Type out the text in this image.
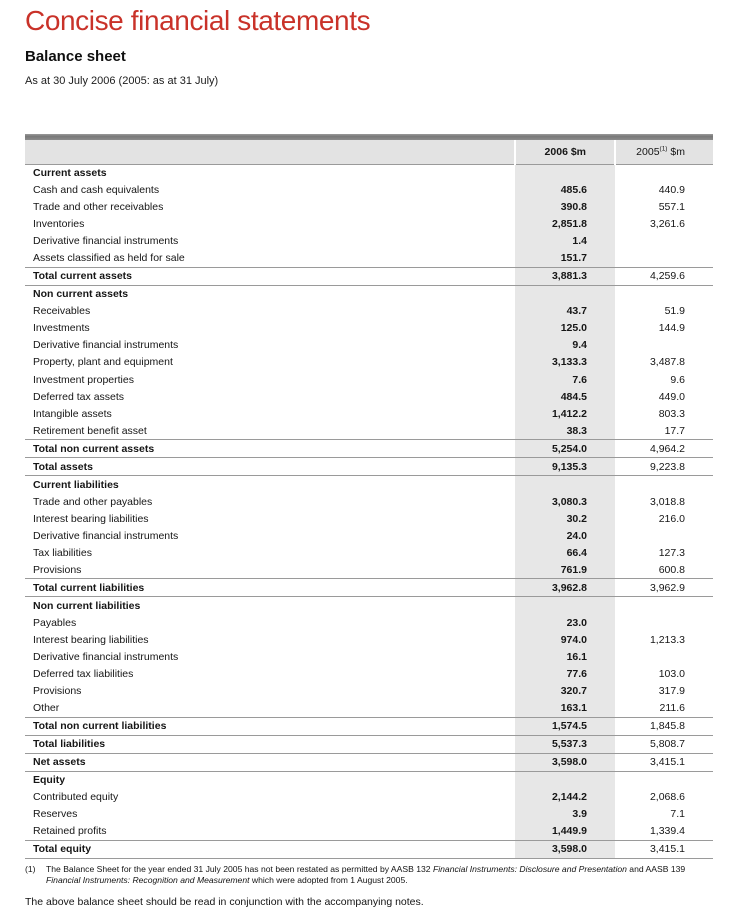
Concise financial statements
Balance sheet
As at 30 July 2006 (2005: as at 31 July)
	2006 $m	2005$^{(1)}$ $m
Current assets		
Cash and cash equivalents	485.6	440.9
Trade and other receivables	390.8	557.1
Inventories	2,851.8	3,261.6
Derivative financial instruments	1.4	
Assets classified as held for sale	151.7	
Total current assets	3,881.3	4,259.6
Non current assets		
Receivables	43.7	51.9
Investments	125.0	144.9
Derivative financial instruments	9.4	
Property, plant and equipment	3,133.3	3,487.8
Investment properties	7.6	9.6
Deferred tax assets	484.5	449.0
Intangible assets	1,412.2	803.3
Retirement benefit asset	38.3	17.7
Total non current assets	5,254.0	4,964.2
Total assets	9,135.3	9,223.8
Current liabilities		
Trade and other payables	3,080.3	3,018.8
Interest bearing liabilities	30.2	216.0
Derivative financial instruments	24.0	
Tax liabilities	66.4	127.3
Provisions	761.9	600.8
Total current liabilities	3,962.8	3,962.9
Non current liabilities		
Payables	23.0	
Interest bearing liabilities	974.0	1,213.3
Derivative financial instruments	16.1	
Deferred tax liabilities	77.6	103.0
Provisions	320.7	317.9
Other	163.1	211.6
Total non current liabilities	1,574.5	1,845.8
Total liabilities	5,537.3	5,808.7
Net assets	3,598.0	3,415.1
Equity		
Contributed equity	2,144.2	2,068.6
Reserves	3.9	7.1
Retained profits	1,449.9	1,339.4
Total equity	3,598.0	3,415.1
(1)	The Balance Sheet for the year ended 31 July 2005 has not been restated as permitted by AASB 132 Financial Instruments: Disclosure and Presentation and AASB 139 Financial Instruments: Recognition and Measurement which were adopted from 1 August 2005.
The above balance sheet should be read in conjunction with the accompanying notes.
